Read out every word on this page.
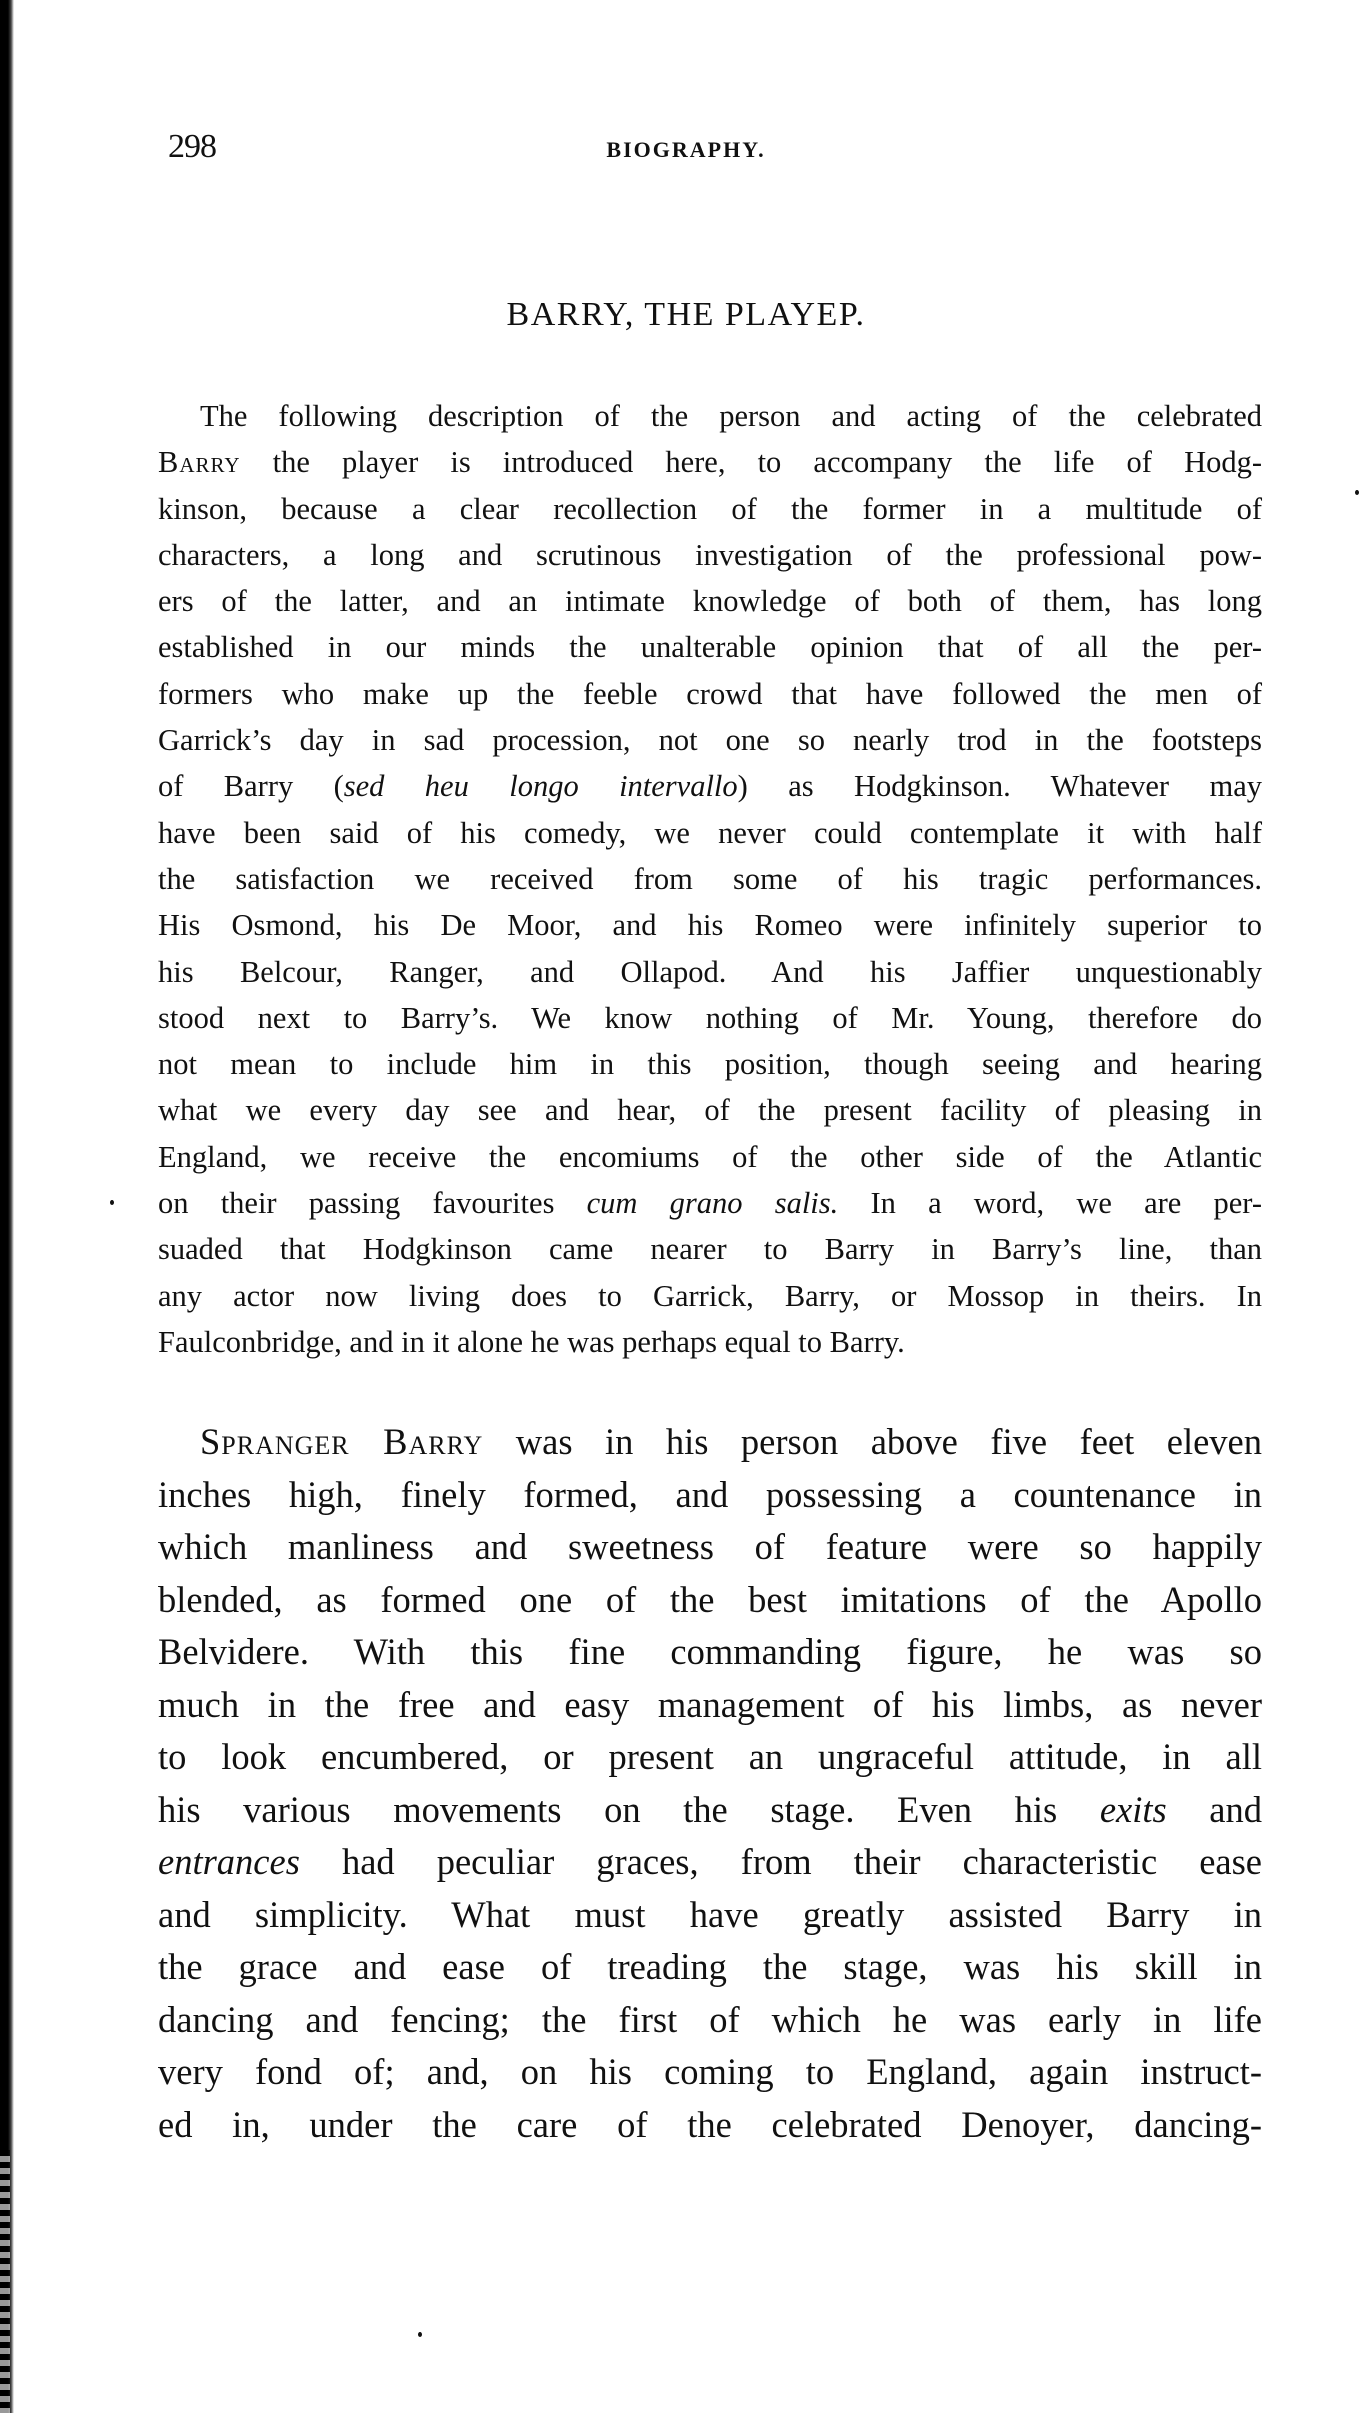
298	BIOGRAPHY.
BARRY, THE PLAYEP.
The following description of the person and acting of the celebrated
Barry the player is introduced here, to accompany the life of Hodg-
kinson, because a clear recollection of the former in a multitude of
characters, a long and scrutinous investigation of the professional pow-
ers of the latter, and an intimate knowledge of both of them, has long
established in our minds the unalterable opinion that of all the per-
formers who make up the feeble crowd that have followed the men of
Garrick’s day in sad procession, not one so nearly trod in the footsteps
of Barry (sed heu longo intervallo) as Hodgkinson. Whatever may
have been said of his comedy, we never could contemplate it with half
the satisfaction we received from some of his tragic performances.
His Osmond, his De Moor, and his Romeo were infinitely superior to
his Belcour, Ranger, and Ollapod. And his Jaffier unquestionably
stood next to Barry’s. We know nothing of Mr. Young, therefore do
not mean to include him in this position, though seeing and hearing
what we every day see and hear, of the present facility of pleasing in
England, we receive the encomiums of the other side of the Atlantic
on their passing favourites cum grano salis. In a word, we are per-
suaded that Hodgkinson came nearer to Barry in Barry’s line, than
any actor now living does to Garrick, Barry, or Mossop in theirs. In
Faulconbridge, and in it alone he was perhaps equal to Barry.
Spranger Barry was in his person above five feet eleven
inches high, finely formed, and possessing a countenance in
which manliness and sweetness of feature were so happily
blended, as formed one of the best imitations of the Apollo
Belvidere. With this fine commanding figure, he was so
much in the free and easy management of his limbs, as never
to look encumbered, or present an ungraceful attitude, in all
his various movements on the stage. Even his exits and
entrances had peculiar graces, from their characteristic ease
and simplicity. What must have greatly assisted Barry in
the grace and ease of treading the stage, was his skill in
dancing and fencing; the first of which he was early in life
very fond of; and, on his coming to England, again instruct-
ed in, under the care of the celebrated Denoyer, dancing-
